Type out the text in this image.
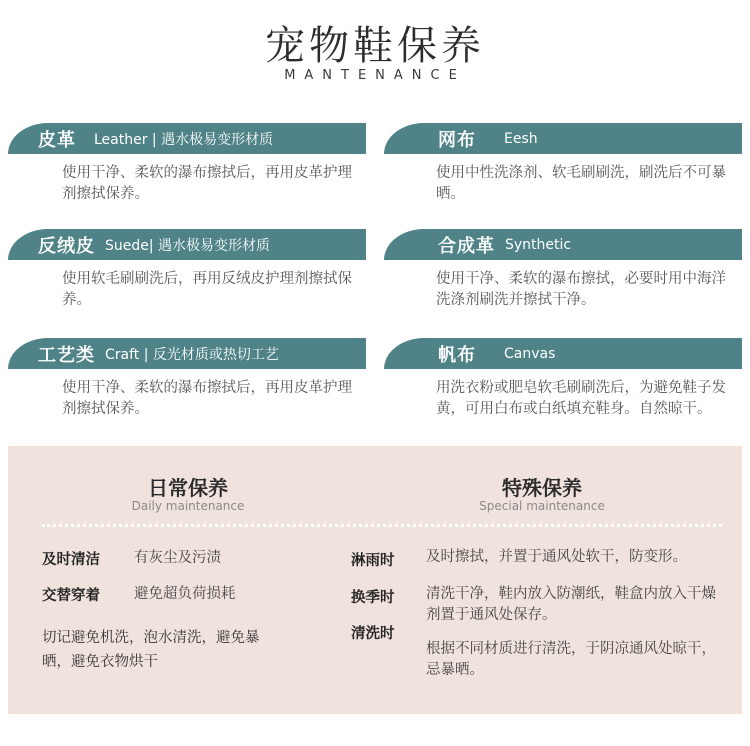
宠物鞋保养
MANTENANCE
皮革 Leather | 遇水极易变形材质
使用干净、柔软的瀑布擦拭后，再用皮革护理剂擦拭保养。
网布 Eesh
使用中性洗涤剂、软毛刷刷洗，刷洗后不可暴晒。
反绒皮 Suede| 遇水极易变形材质
使用软毛刷刷洗后，再用反绒皮护理剂擦拭保养。
合成革 Synthetic
使用干净、柔软的瀑布擦拭，必要时用中海洋洗涤剂刷洗并擦拭干净。
工艺类 Craft | 反光材质或热切工艺
使用干净、柔软的瀑布擦拭后，再用皮革护理剂擦拭保养。
帆布 Canvas
用洗衣粉或肥皂软毛刷刷洗后，为避免鞋子发黄，可用白布或白纸填充鞋身。自然晾干。
日常保养
Daily maintenance
特殊保养
Special maintenance
及时清洁 有灰尘及污渍
交替穿着 避免超负荷损耗
切记避免机洗，泡水清洗，避免暴晒，避免衣物烘干
淋雨时 及时擦拭，并置于通风处软干，防变形。
换季时 清洗干净，鞋内放入防潮纸，鞋盒内放入干燥剂置于通风处保存。
清洗时
根据不同材质进行清洗，于阴凉通风处晾干，忌暴晒。
